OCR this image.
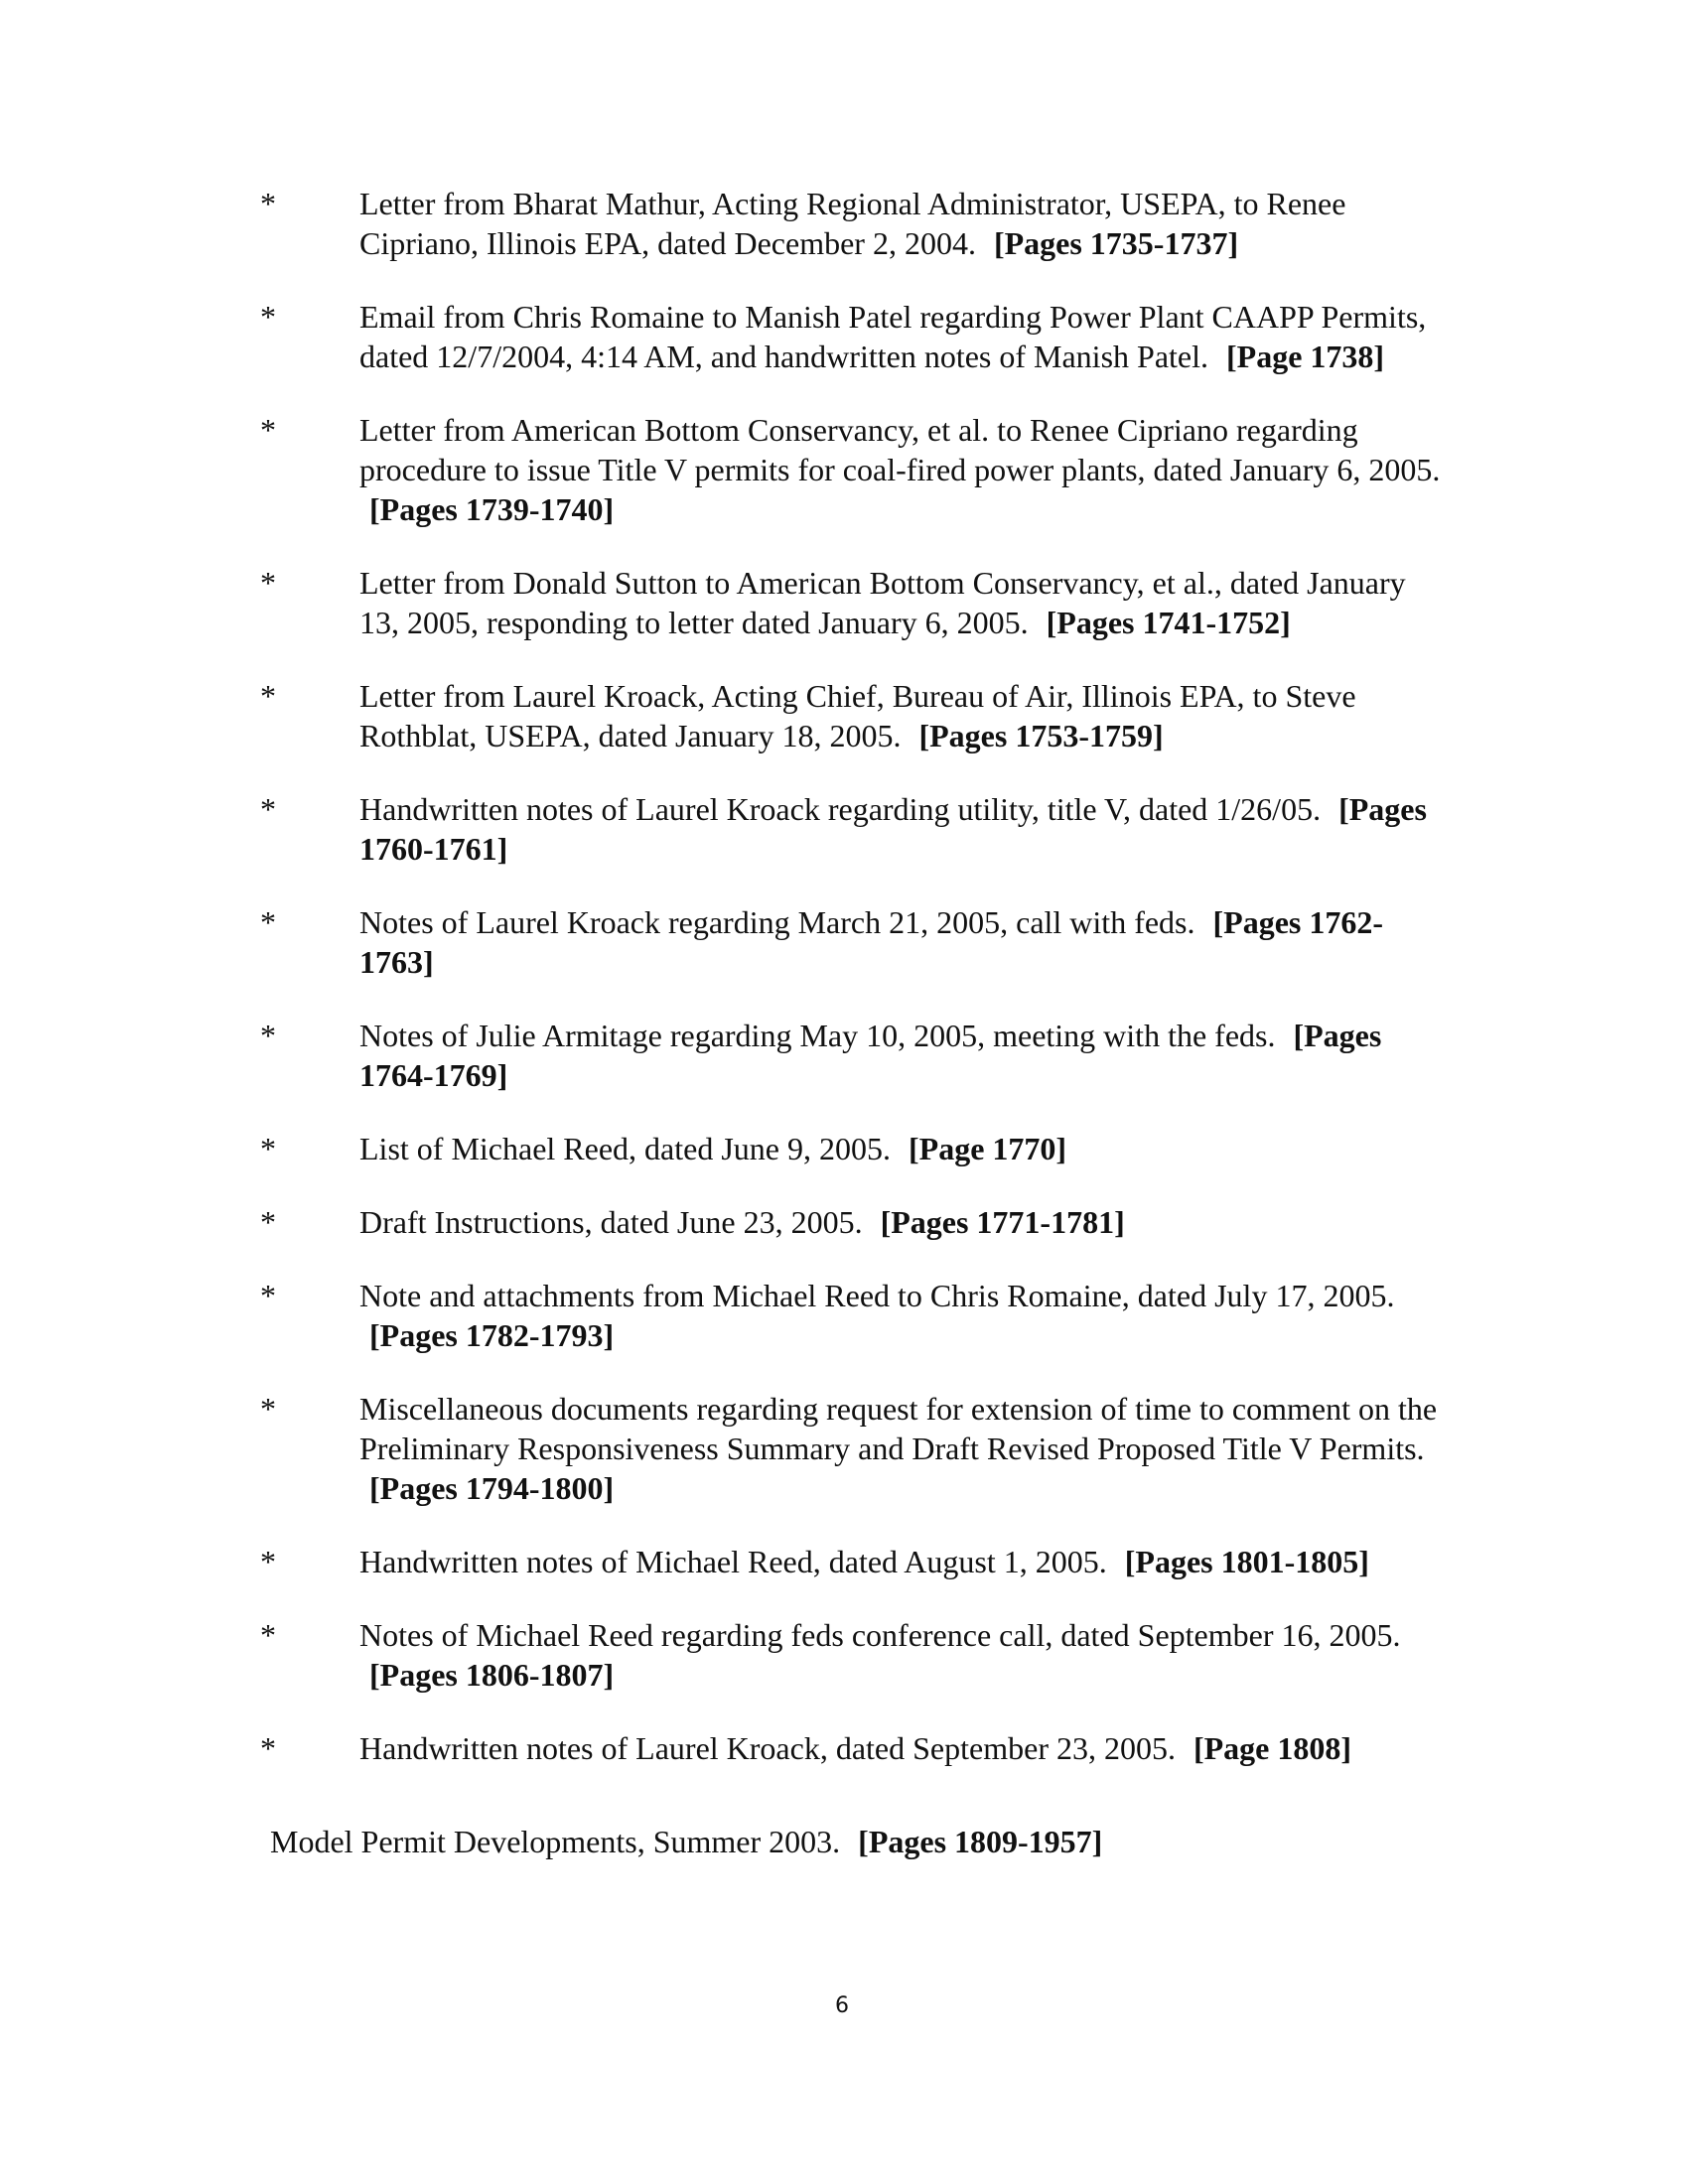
*	Letter from Bharat Mathur, Acting Regional Administrator, USEPA, to Renee Cipriano, Illinois EPA, dated December 2, 2004. [Pages 1735-1737]
*	Email from Chris Romaine to Manish Patel regarding Power Plant CAAPP Permits, dated 12/7/2004, 4:14 AM, and handwritten notes of Manish Patel. [Page 1738]
*	Letter from American Bottom Conservancy, et al. to Renee Cipriano regarding procedure to issue Title V permits for coal-fired power plants, dated January 6, 2005. [Pages 1739-1740]
*	Letter from Donald Sutton to American Bottom Conservancy, et al., dated January 13, 2005, responding to letter dated January 6, 2005. [Pages 1741-1752]
*	Letter from Laurel Kroack, Acting Chief, Bureau of Air, Illinois EPA, to Steve Rothblat, USEPA, dated January 18, 2005. [Pages 1753-1759]
*	Handwritten notes of Laurel Kroack regarding utility, title V, dated 1/26/05. [Pages 1760-1761]
*	Notes of Laurel Kroack regarding March 21, 2005, call with feds. [Pages 1762-1763]
*	Notes of Julie Armitage regarding May 10, 2005, meeting with the feds. [Pages 1764-1769]
*	List of Michael Reed, dated June 9, 2005. [Page 1770]
*	Draft Instructions, dated June 23, 2005. [Pages 1771-1781]
*	Note and attachments from Michael Reed to Chris Romaine, dated July 17, 2005. [Pages 1782-1793]
*	Miscellaneous documents regarding request for extension of time to comment on the Preliminary Responsiveness Summary and Draft Revised Proposed Title V Permits. [Pages 1794-1800]
*	Handwritten notes of Michael Reed, dated August 1, 2005. [Pages 1801-1805]
*	Notes of Michael Reed regarding feds conference call, dated September 16, 2005. [Pages 1806-1807]
*	Handwritten notes of Laurel Kroack, dated September 23, 2005. [Page 1808]
Model Permit Developments, Summer 2003. [Pages 1809-1957]
6
